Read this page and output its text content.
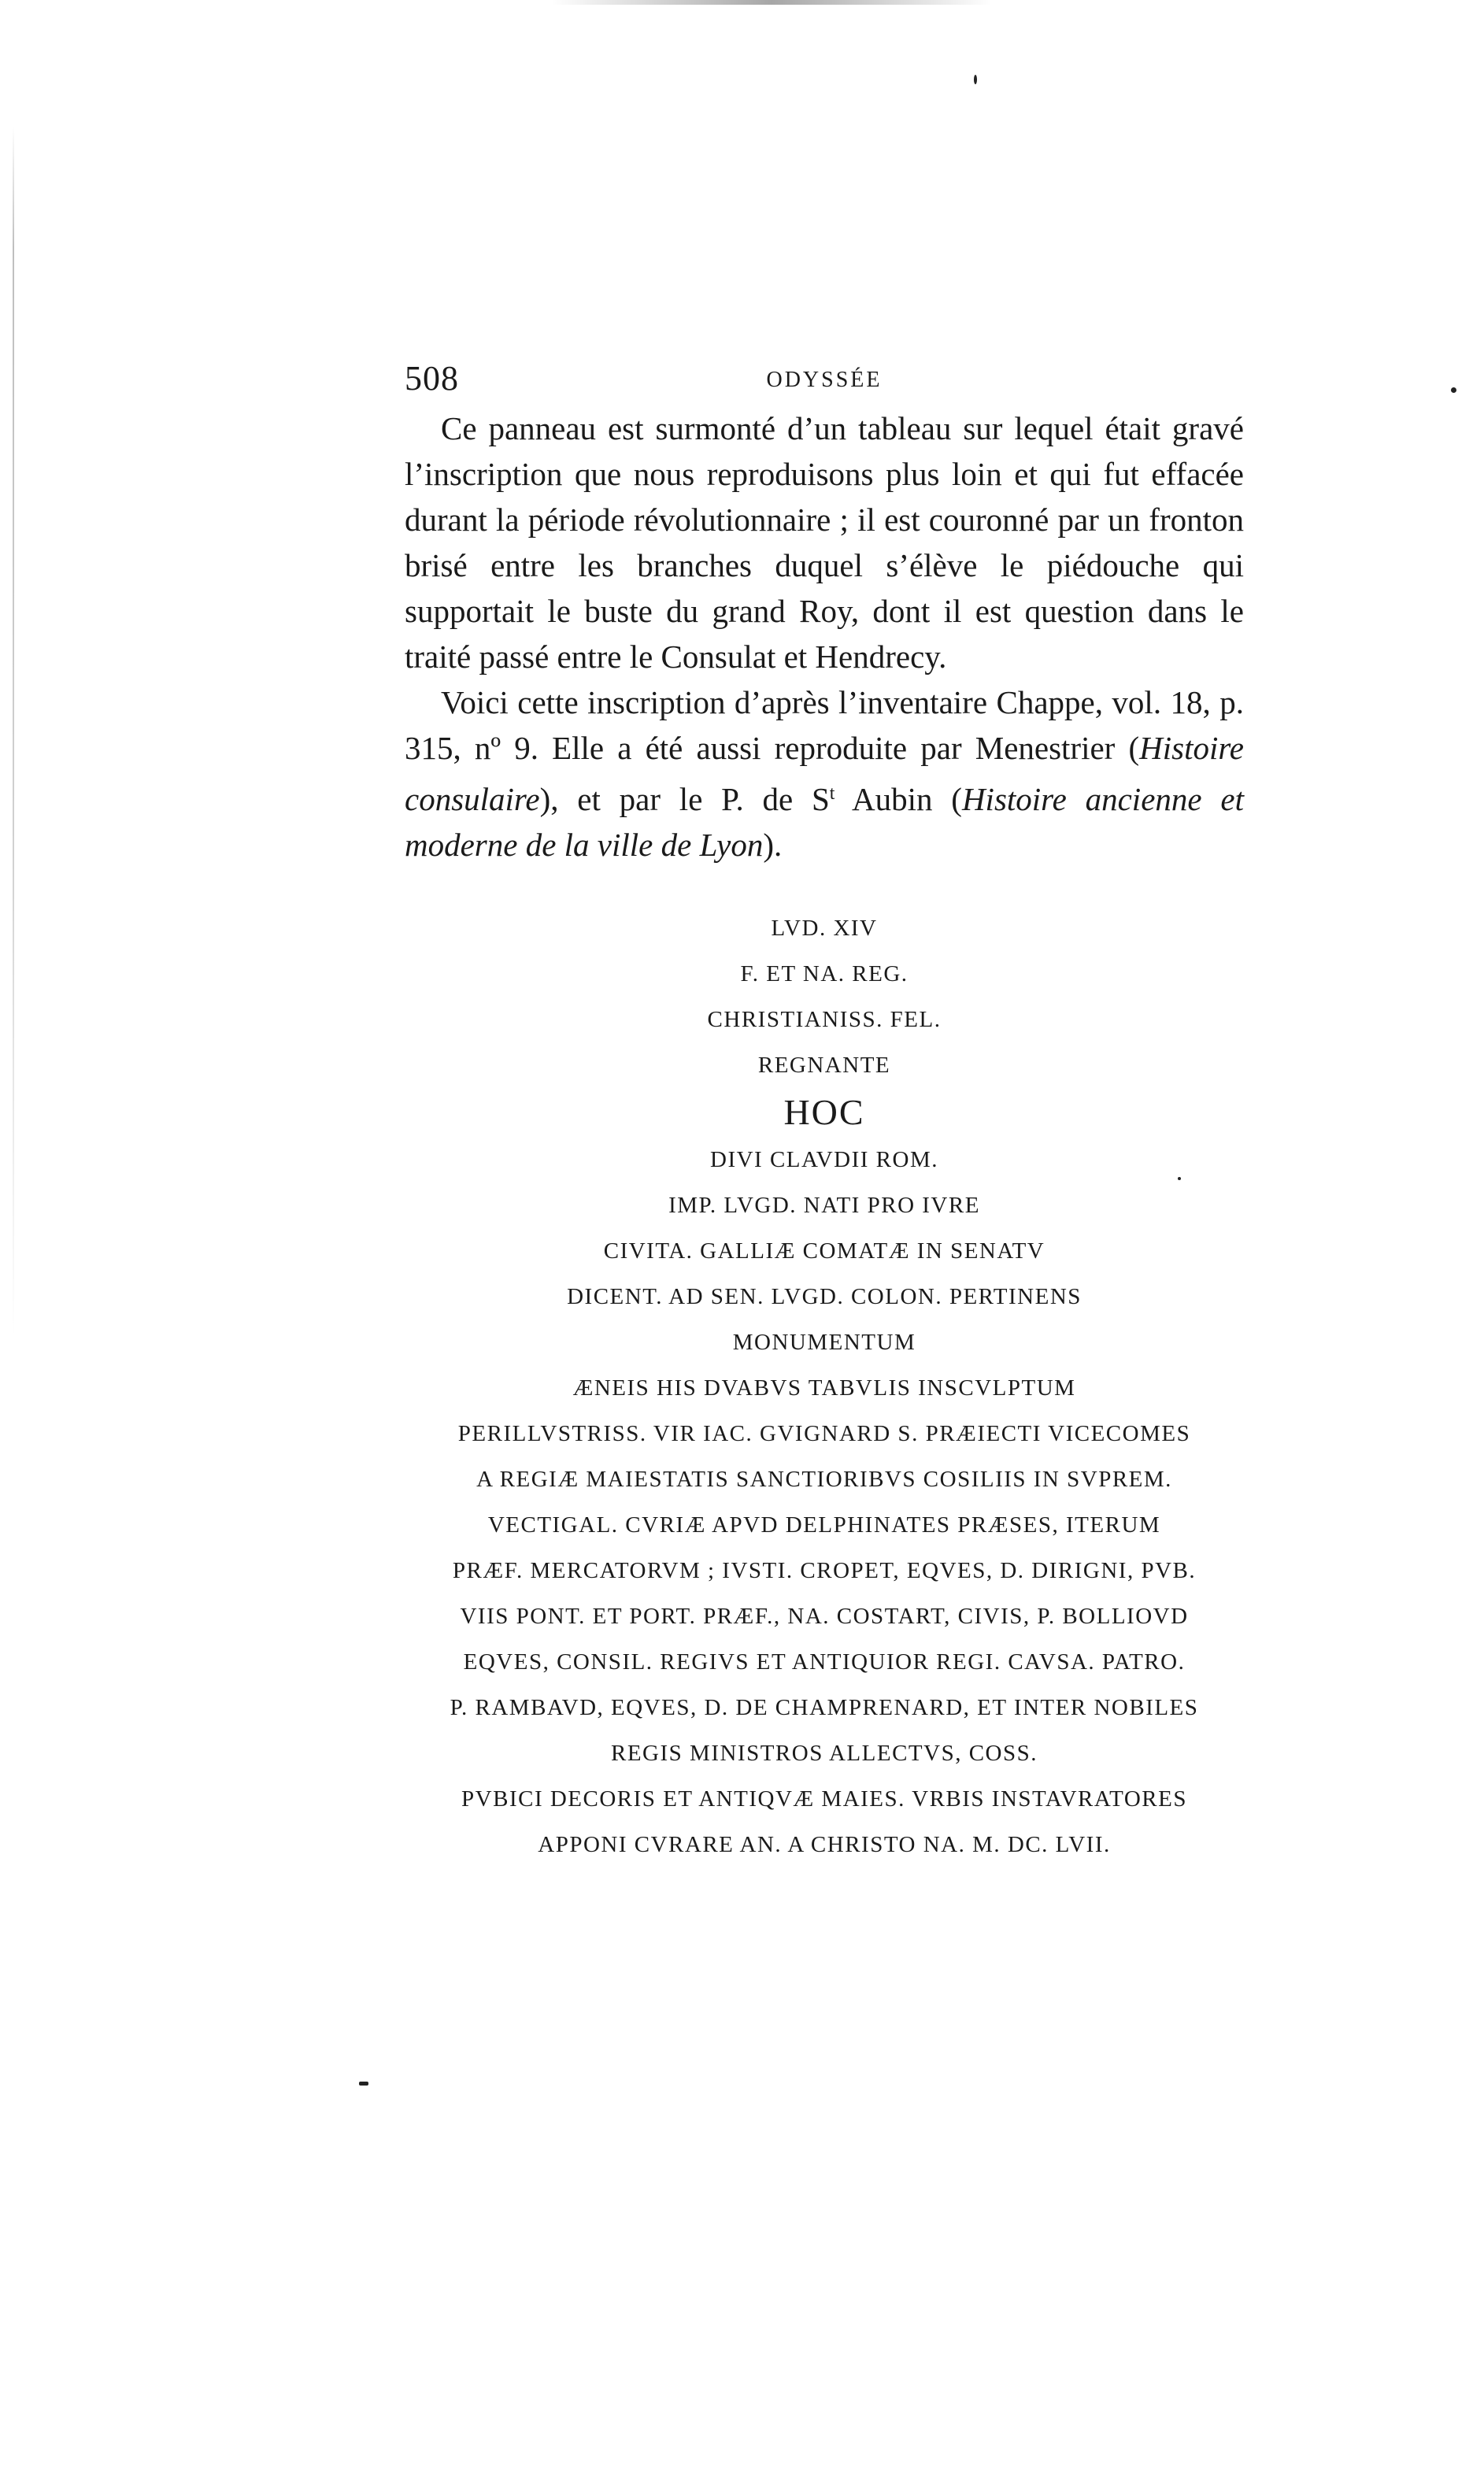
508	ODYSSÉE

Ce panneau est surmonté d’un tableau sur lequel était gravé l’inscription que nous reproduisons plus loin et qui fut effacée durant la période révolutionnaire ; il est couronné par un fronton brisé entre les branches duquel s’élève le piédouche qui supportait le buste du grand Roy, dont il est question dans le traité passé entre le Consulat et Hendrecy.

Voici cette inscription d’après l’inventaire Chappe, vol. 18, p. 315, nº 9. Elle a été aussi reproduite par Menestrier (Histoire consulaire), et par le P. de $S^t$ Aubin (Histoire ancienne et moderne de la ville de Lyon).

LVD. XIV
F. ET NA. REG.
CHRISTIANISS. FEL.
REGNANTE
HOC
DIVI CLAVDII ROM.
IMP. LVGD. NATI PRO IVRE
CIVITA. GALLIÆ COMATÆ IN SENATV
DICENT. AD SEN. LVGD. COLON. PERTINENS
MONUMENTUM
ÆNEIS HIS DVABVS TABVLIS INSCVLPTUM
PERILLVSTRISS. VIR IAC. GVIGNARD S. PRÆIECTI VICECOMES
A REGIÆ MAIESTATIS SANCTIORIBVS COSILIIS IN SVPREM.
VECTIGAL. CVRIÆ APVD DELPHINATES PRÆSES, ITERUM
PRÆF. MERCATORVM ; IVSTI. CROPET, EQVES, D. DIRIGNI, PVB.
VIIS PONT. ET PORT. PRÆF., NA. COSTART, CIVIS, P. BOLLIOVD
EQVES, CONSIL. REGIVS ET ANTIQUIOR REGI. CAVSA. PATRO.
P. RAMBAVD, EQVES, D. DE CHAMPRENARD, ET INTER NOBILES
REGIS MINISTROS ALLECTVS, COSS.
PVBICI DECORIS ET ANTIQVÆ MAIES. VRBIS INSTAVRATORES
APPONI CVRARE AN. A CHRISTO NA. M. DC. LVII.
